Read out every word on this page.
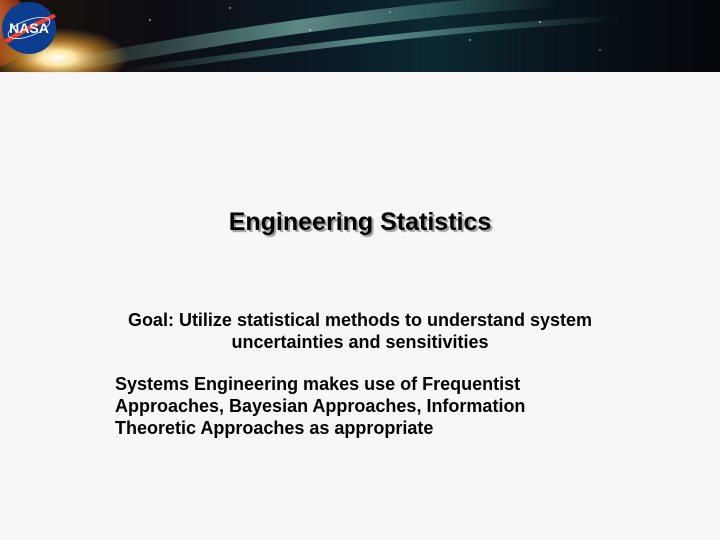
NASA
Engineering Statistics
Goal: Utilize statistical methods to understand system uncertainties and sensitivities
Systems Engineering makes use of Frequentist Approaches, Bayesian Approaches, Information Theoretic Approaches as appropriate
